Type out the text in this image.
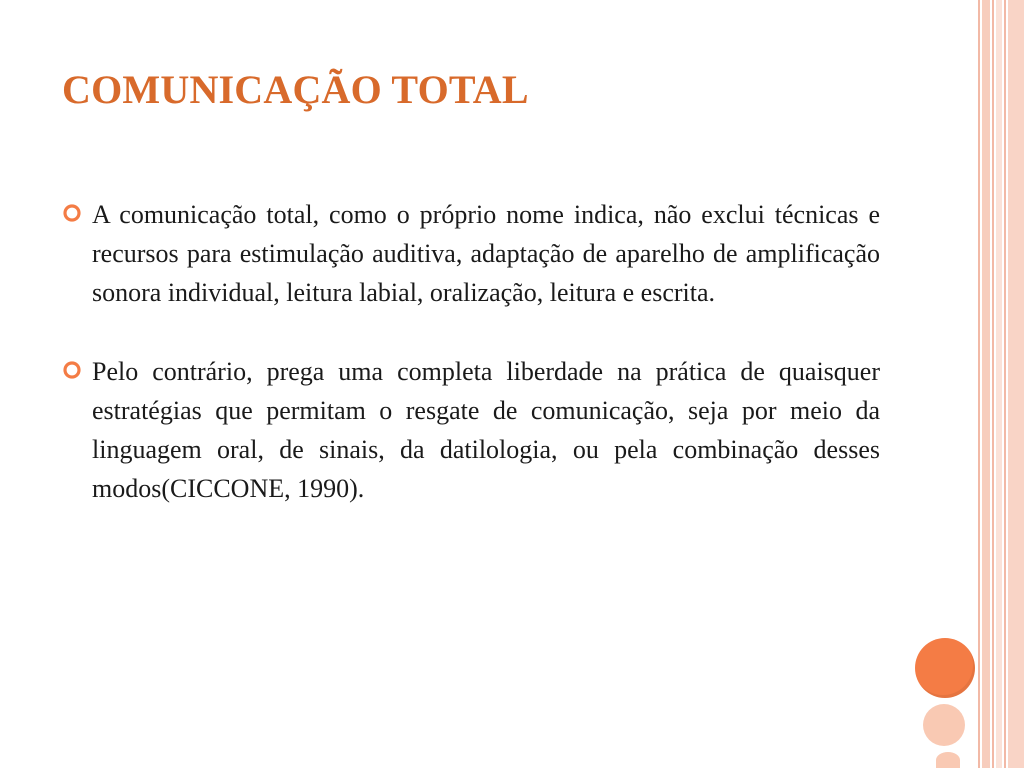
COMUNICAÇÃO TOTAL
A comunicação total, como o próprio nome indica, não exclui técnicas e recursos para estimulação auditiva, adaptação de aparelho de amplificação sonora individual, leitura labial, oralização, leitura e escrita.
Pelo contrário, prega uma completa liberdade na prática de quaisquer estratégias que permitam o resgate de comunicação, seja por meio da linguagem oral, de sinais, da datilologia, ou pela combinação desses modos(CICCONE, 1990).
